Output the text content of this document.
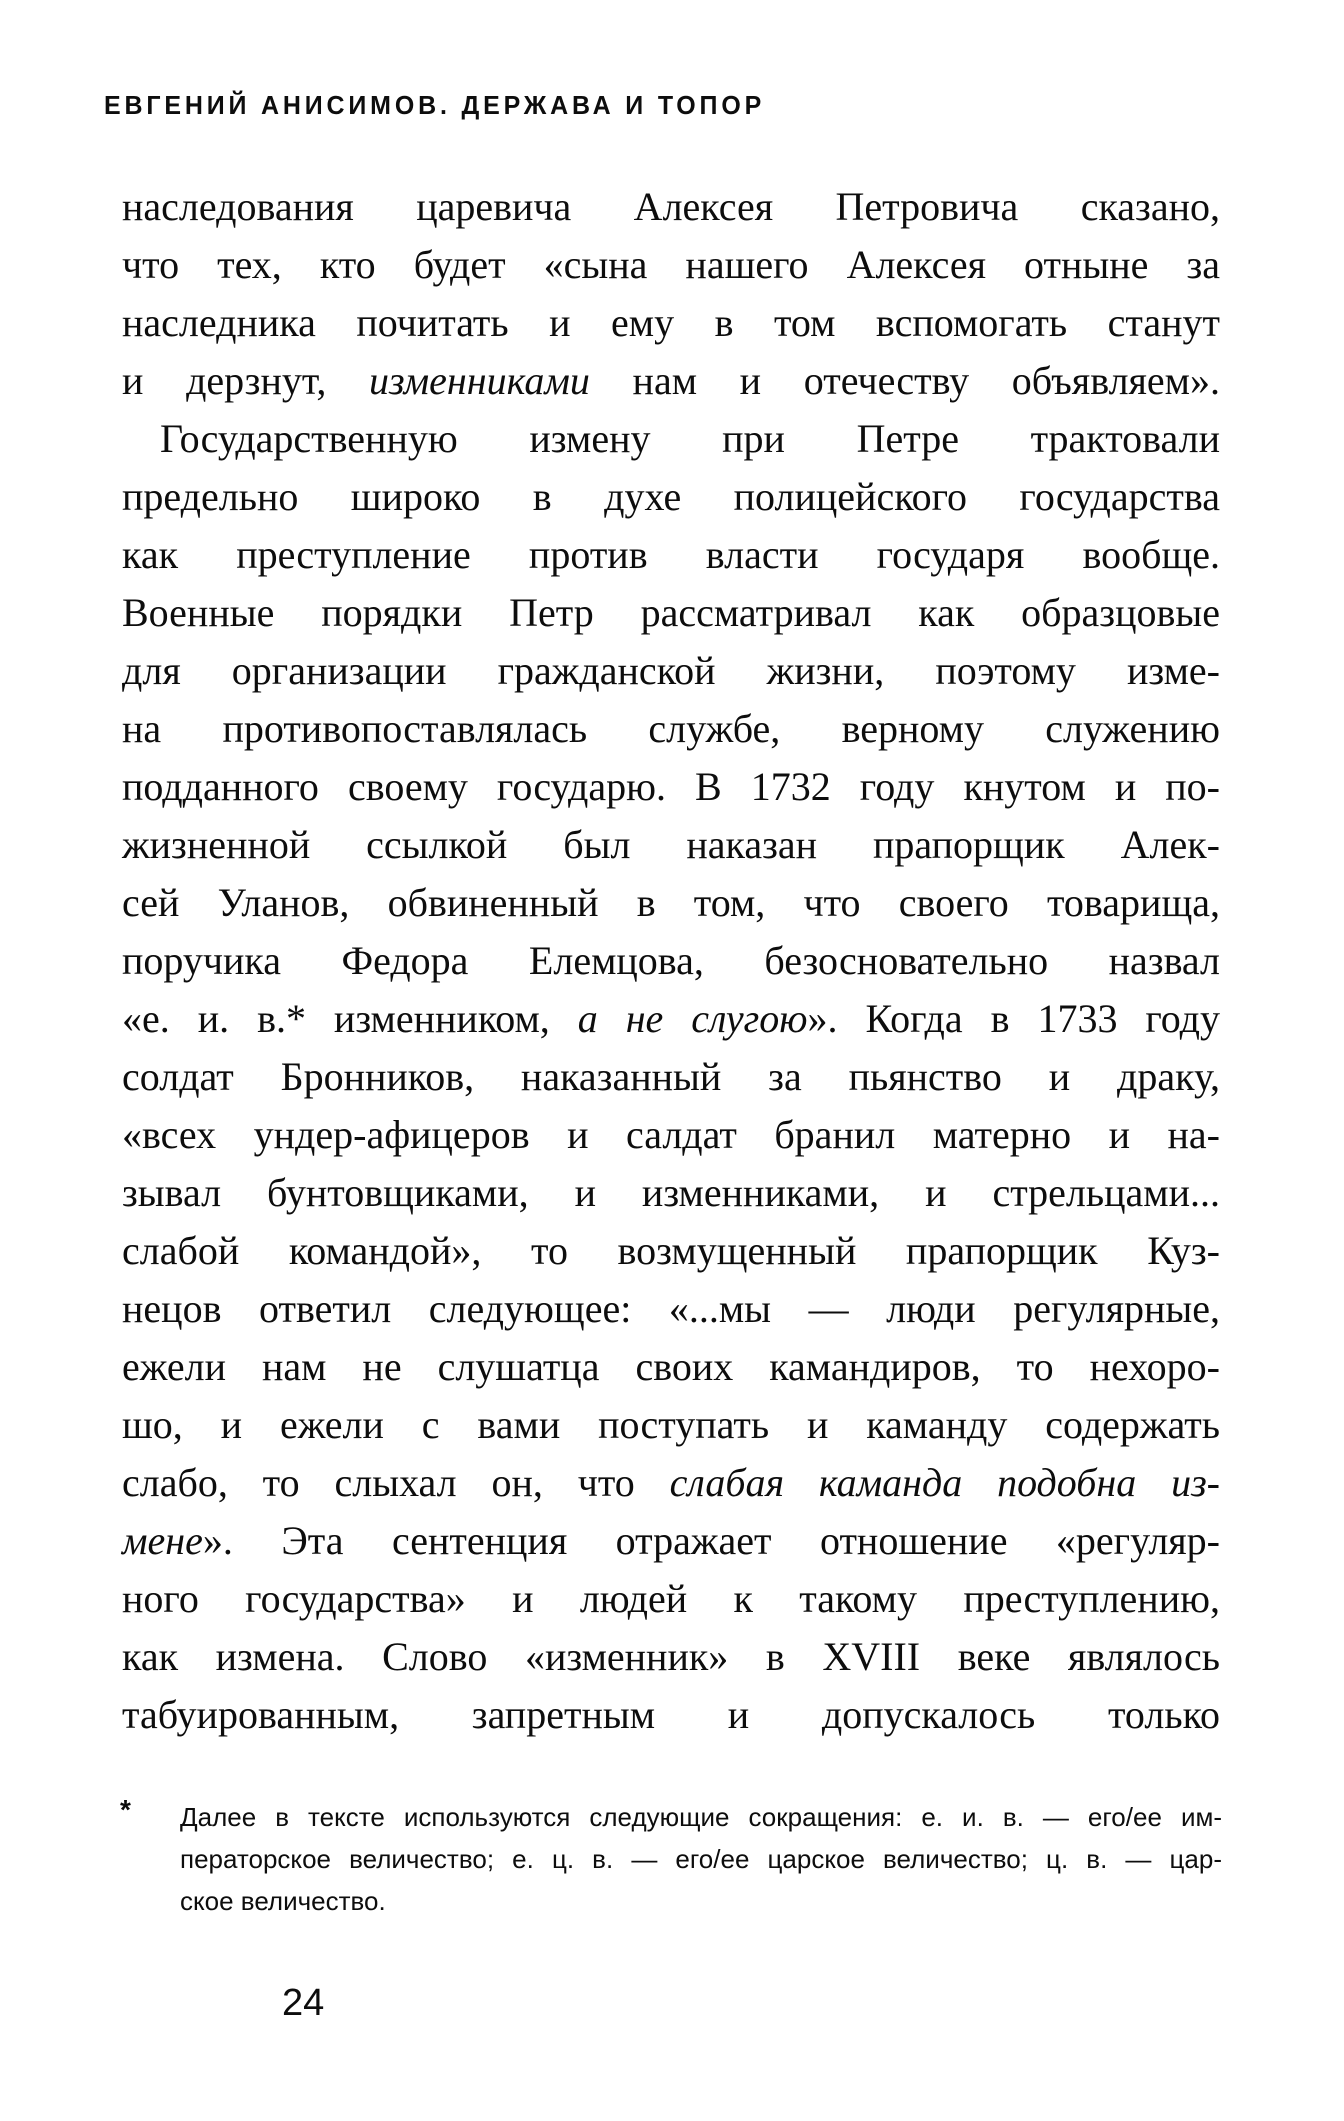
ЕВГЕНИЙ АНИСИМОВ. ДЕРЖАВА И ТОПОР
наследования царевича Алексея Петровича сказано,
что тех, кто будет «сына нашего Алексея отныне за
наследника почитать и ему в том вспомогать станут
и дерзнут, изменниками нам и отечеству объявляем».
Государственную измену при Петре трактовали
предельно широко в духе полицейского государства
как преступление против власти государя вообще.
Военные порядки Петр рассматривал как образцовые
для организации гражданской жизни, поэтому изме-
на противопоставлялась службе, верному служению
подданного своему государю. В 1732 году кнутом и по-
жизненной ссылкой был наказан прапорщик Алек-
сей Уланов, обвиненный в том, что своего товарища,
поручика Федора Елемцова, безосновательно назвал
«е. и. в.* изменником, а не слугою». Когда в 1733 году
солдат Бронников, наказанный за пьянство и драку,
«всех ундер-афицеров и салдат бранил матерно и на-
зывал бунтовщиками, и изменниками, и стрельцами...
слабой командой», то возмущенный прапорщик Куз-
нецов ответил следующее: «...мы — люди регулярные,
ежели нам не слушатца своих камандиров, то нехоро-
шо, и ежели с вами поступать и каманду содержать
слабо, то слыхал он, что слабая каманда подобна из-
мене». Эта сентенция отражает отношение «регуляр-
ного государства» и людей к такому преступлению,
как измена. Слово «изменник» в XVIII веке являлось
табуированным, запретным и допускалось только
* Далее в тексте используются следующие сокращения: е. и. в. — его/ее им-
ператорское величество; е. ц. в. — его/ее царское величество; ц. в. — цар-
ское величество.
24
